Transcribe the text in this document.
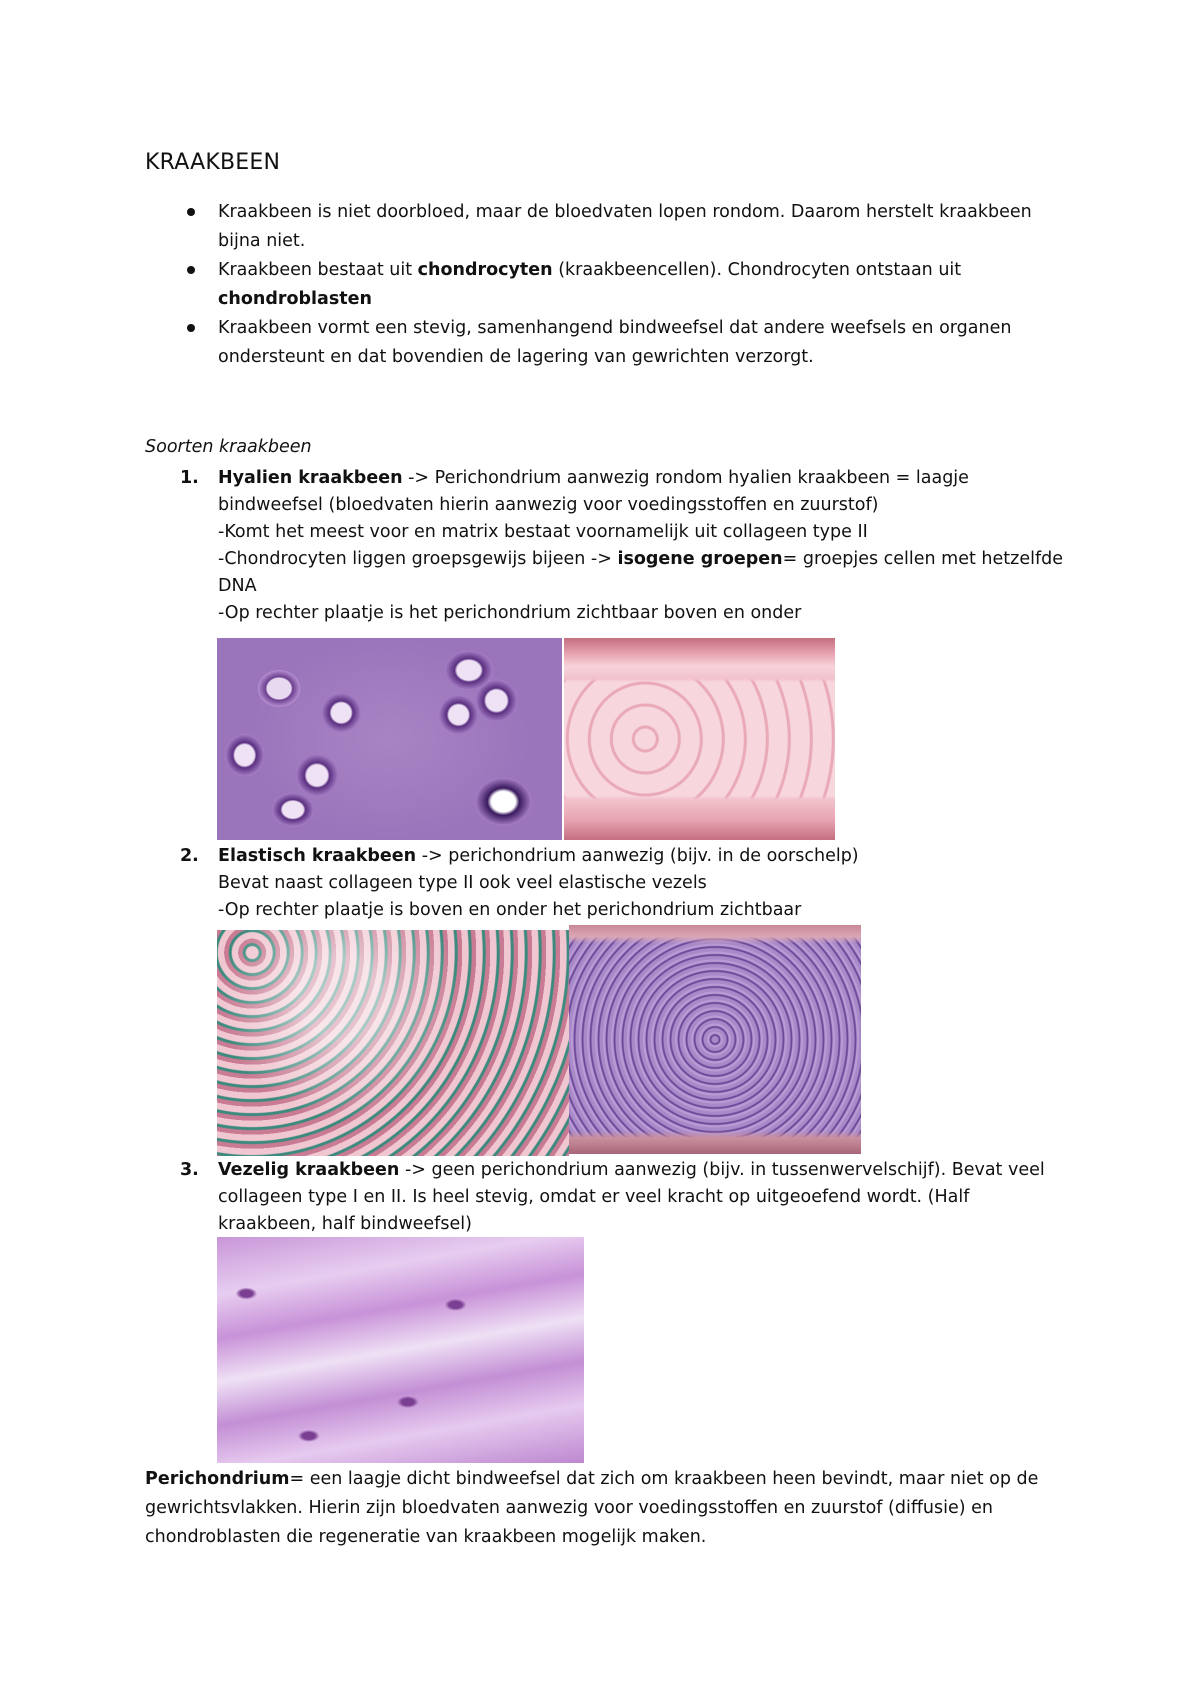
KRAAKBEEN
Kraakbeen is niet doorbloed, maar de bloedvaten lopen rondom. Daarom herstelt kraakbeen
bijna niet.
Kraakbeen bestaat uit chondrocyten (kraakbeencellen). Chondrocyten ontstaan uit
chondroblasten
Kraakbeen vormt een stevig, samenhangend bindweefsel dat andere weefsels en organen
ondersteunt en dat bovendien de lagering van gewrichten verzorgt.
Soorten kraakbeen
1. Hyalien kraakbeen -> Perichondrium aanwezig rondom hyalien kraakbeen = laagje

bindweefsel (bloedvaten hierin aanwezig voor voedingsstoffen en zuurstof)

-Komt het meest voor en matrix bestaat voornamelijk uit collageen type II

-Chondrocyten liggen groepsgewijs bijeen -> isogene groepen= groepjes cellen met hetzelfde

DNA

-Op rechter plaatje is het perichondrium zichtbaar boven en onder

2. Elastisch kraakbeen -> perichondrium aanwezig (bijv. in de oorschelp)

Bevat naast collageen type II ook veel elastische vezels

-Op rechter plaatje is boven en onder het perichondrium zichtbaar

3. Vezelig kraakbeen -> geen perichondrium aanwezig (bijv. in tussenwervelschijf). Bevat veel

collageen type I en II. Is heel stevig, omdat er veel kracht op uitgeoefend wordt. (Half

kraakbeen, half bindweefsel)

Perichondrium= een laagje dicht bindweefsel dat zich om kraakbeen heen bevindt, maar niet op de

gewrichtsvlakken. Hierin zijn bloedvaten aanwezig voor voedingsstoffen en zuurstof (diffusie) en

chondroblasten die regeneratie van kraakbeen mogelijk maken.
